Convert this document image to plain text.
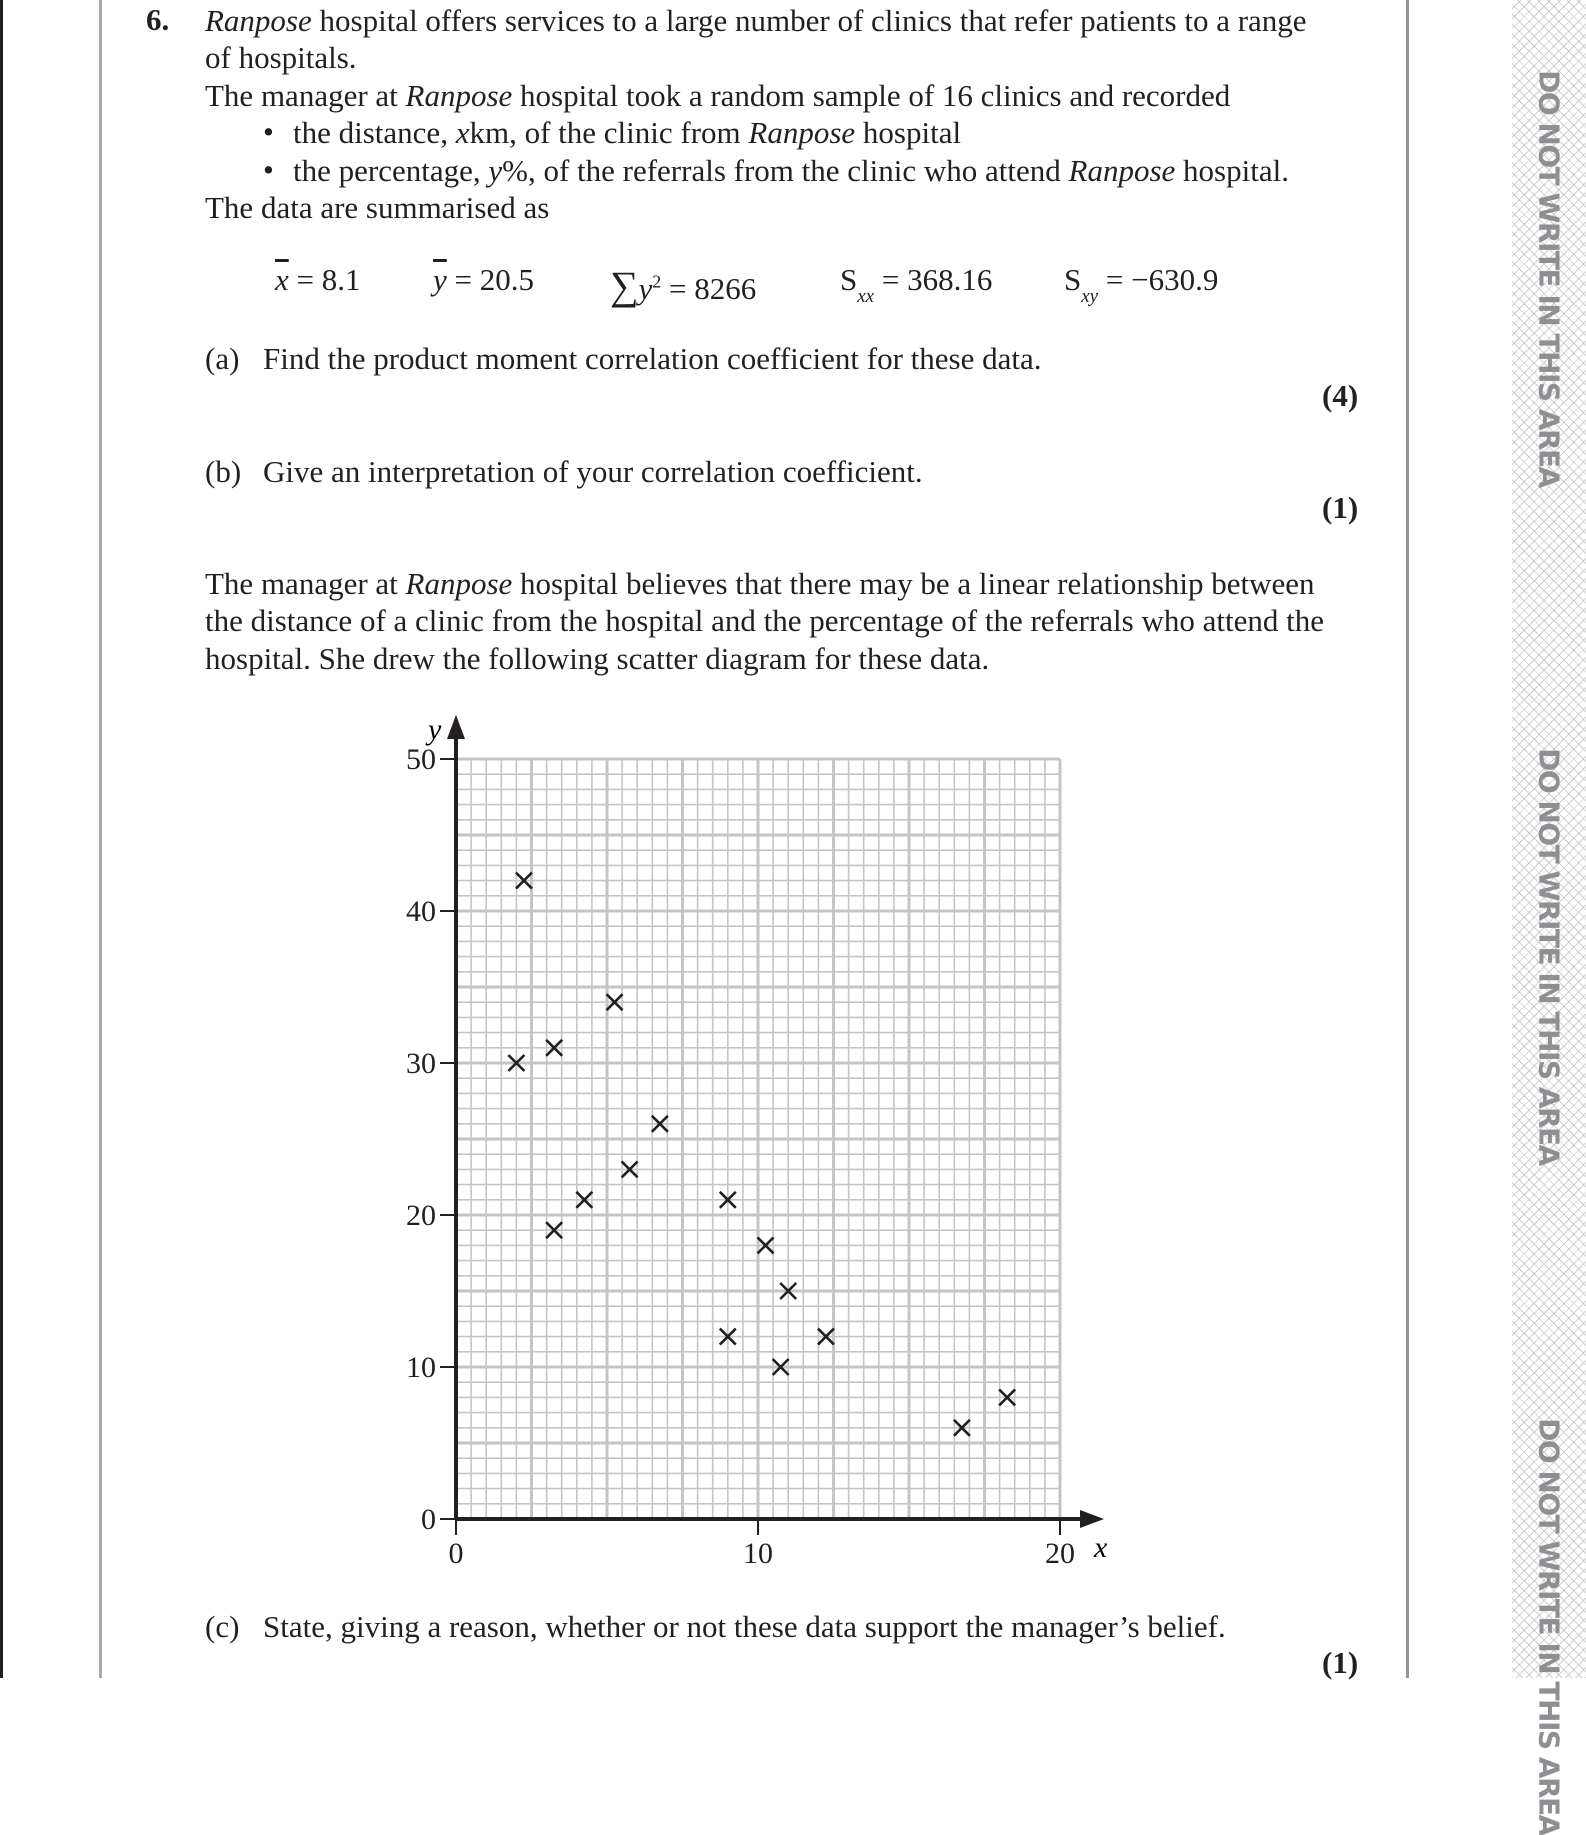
DO NOT WRITE IN THIS AREA
DO NOT WRITE IN THIS AREA
DO NOT WRITE IN THIS AREA
6. Ranpose hospital offers services to a large number of clinics that refer patients to a range
of hospitals.
The manager at Ranpose hospital took a random sample of 16 clinics and recorded
• the distance, xkm, of the clinic from Ranpose hospital
• the percentage, y%, of the referrals from the clinic who attend Ranpose hospital.
The data are summarised as
$\overline{x} = 8.1$ $\overline{y} = 20.5$ $\sum y^2 = 8266$	$S_{xx} = 368.16$ $S_{xy} = -630.9$
(a) Find the product moment correlation coefficient for these data.
(4)
(b) Give an interpretation of your correlation coefficient.
(1)
The manager at Ranpose hospital believes that there may be a linear relationship between
the distance of a clinic from the hospital and the percentage of the referrals who attend the
hospital. She drew the following scatter diagram for these data.
0
10
20
30
40
50
0	10	20 x
y
(c) State, giving a reason, whether or not these data support the manager’s belief.
(1)
